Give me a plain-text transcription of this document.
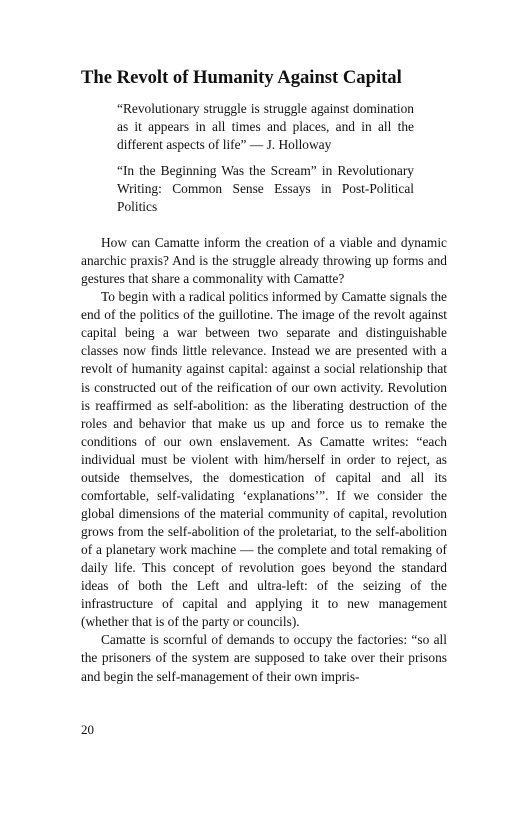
The Revolt of Humanity Against Capital

“Revolutionary struggle is struggle against domination as it appears in all times and places, and in all the different aspects of life” — J. Holloway

“In the Beginning Was the Scream” in Revolutionary Writing: Common Sense Essays in Post-Political Politics

How can Camatte inform the creation of a viable and dynamic anarchic praxis? And is the struggle already throwing up forms and gestures that share a commonality with Camatte?

To begin with a radical politics informed by Camatte signals the end of the politics of the guillotine. The image of the revolt against capital being a war between two separate and distinguishable classes now finds little relevance. Instead we are presented with a revolt of humanity against capital: against a social relationship that is constructed out of the reification of our own activity. Revolution is reaffirmed as self-abolition: as the liberating destruction of the roles and behavior that make us up and force us to remake the conditions of our own enslavement. As Camatte writes: “each individual must be violent with him/herself in order to reject, as outside themselves, the domestication of capital and all its comfortable, self-validating ‘explanations’”. If we consider the global dimensions of the material community of capital, revolution grows from the self-abolition of the proletariat, to the self-abolition of a planetary work machine — the complete and total remaking of daily life. This concept of revolution goes beyond the standard ideas of both the Left and ultra-left: of the seizing of the infrastructure of capital and applying it to new management (whether that is of the party or councils).

Camatte is scornful of demands to occupy the factories: “so all the prisoners of the system are supposed to take over their prisons and begin the self-management of their own impris-

20
